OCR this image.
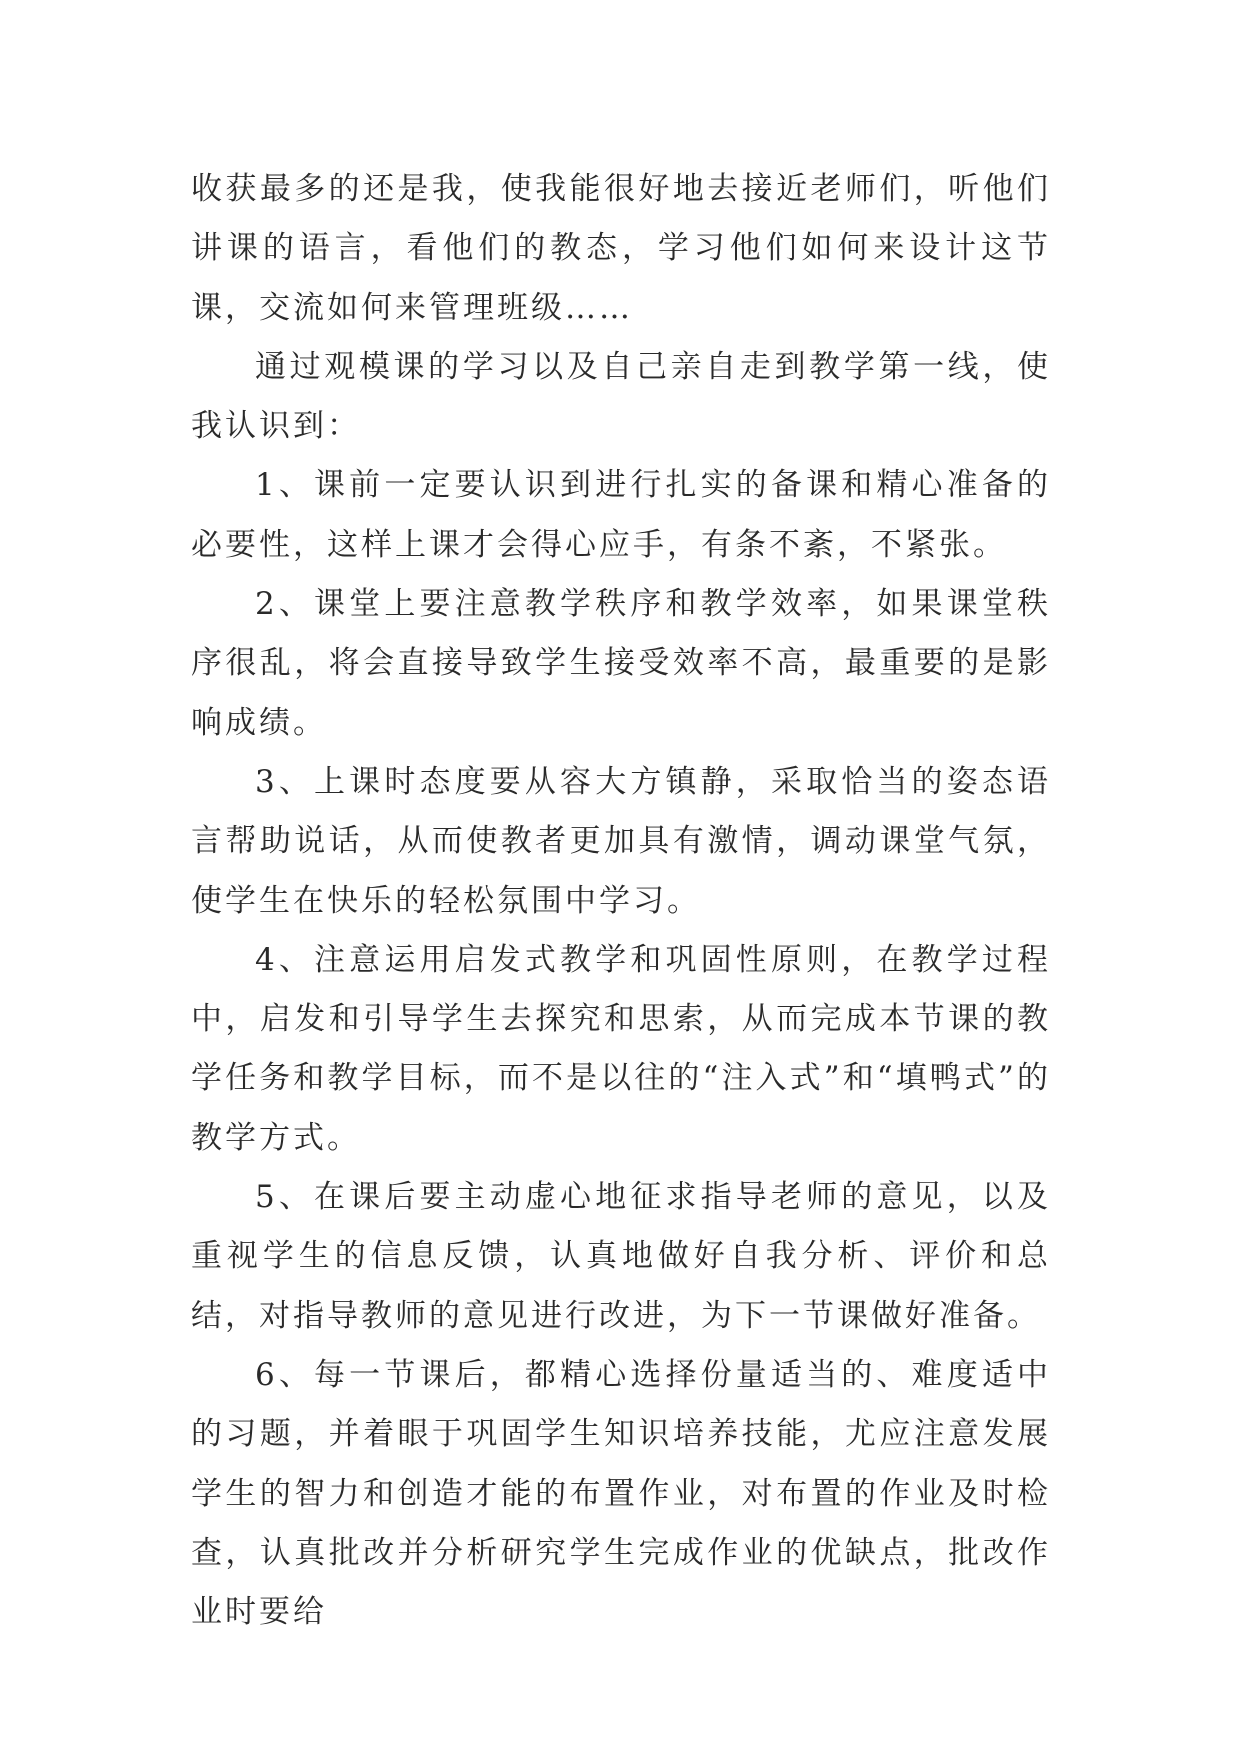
收获最多的还是我，使我能很好地去接近老师们，听他们讲课的语言，看他们的教态，学习他们如何来设计这节课，交流如何来管理班级……

通过观模课的学习以及自己亲自走到教学第一线，使我认识到：

1、课前一定要认识到进行扎实的备课和精心准备的必要性，这样上课才会得心应手，有条不紊，不紧张。

2、课堂上要注意教学秩序和教学效率，如果课堂秩序很乱，将会直接导致学生接受效率不高，最重要的是影响成绩。

3、上课时态度要从容大方镇静，采取恰当的姿态语言帮助说话，从而使教者更加具有激情，调动课堂气氛，使学生在快乐的轻松氛围中学习。

4、注意运用启发式教学和巩固性原则，在教学过程中，启发和引导学生去探究和思索，从而完成本节课的教学任务和教学目标，而不是以往的“注入式”和“填鸭式”的教学方式。

5、在课后要主动虚心地征求指导老师的意见，以及重视学生的信息反馈，认真地做好自我分析、评价和总结，对指导教师的意见进行改进，为下一节课做好准备。

6、每一节课后，都精心选择份量适当的、难度适中的习题，并着眼于巩固学生知识培养技能，尤应注意发展学生的智力和创造才能的布置作业，对布置的作业及时检查，认真批改并分析研究学生完成作业的优缺点，批改作业时要给
